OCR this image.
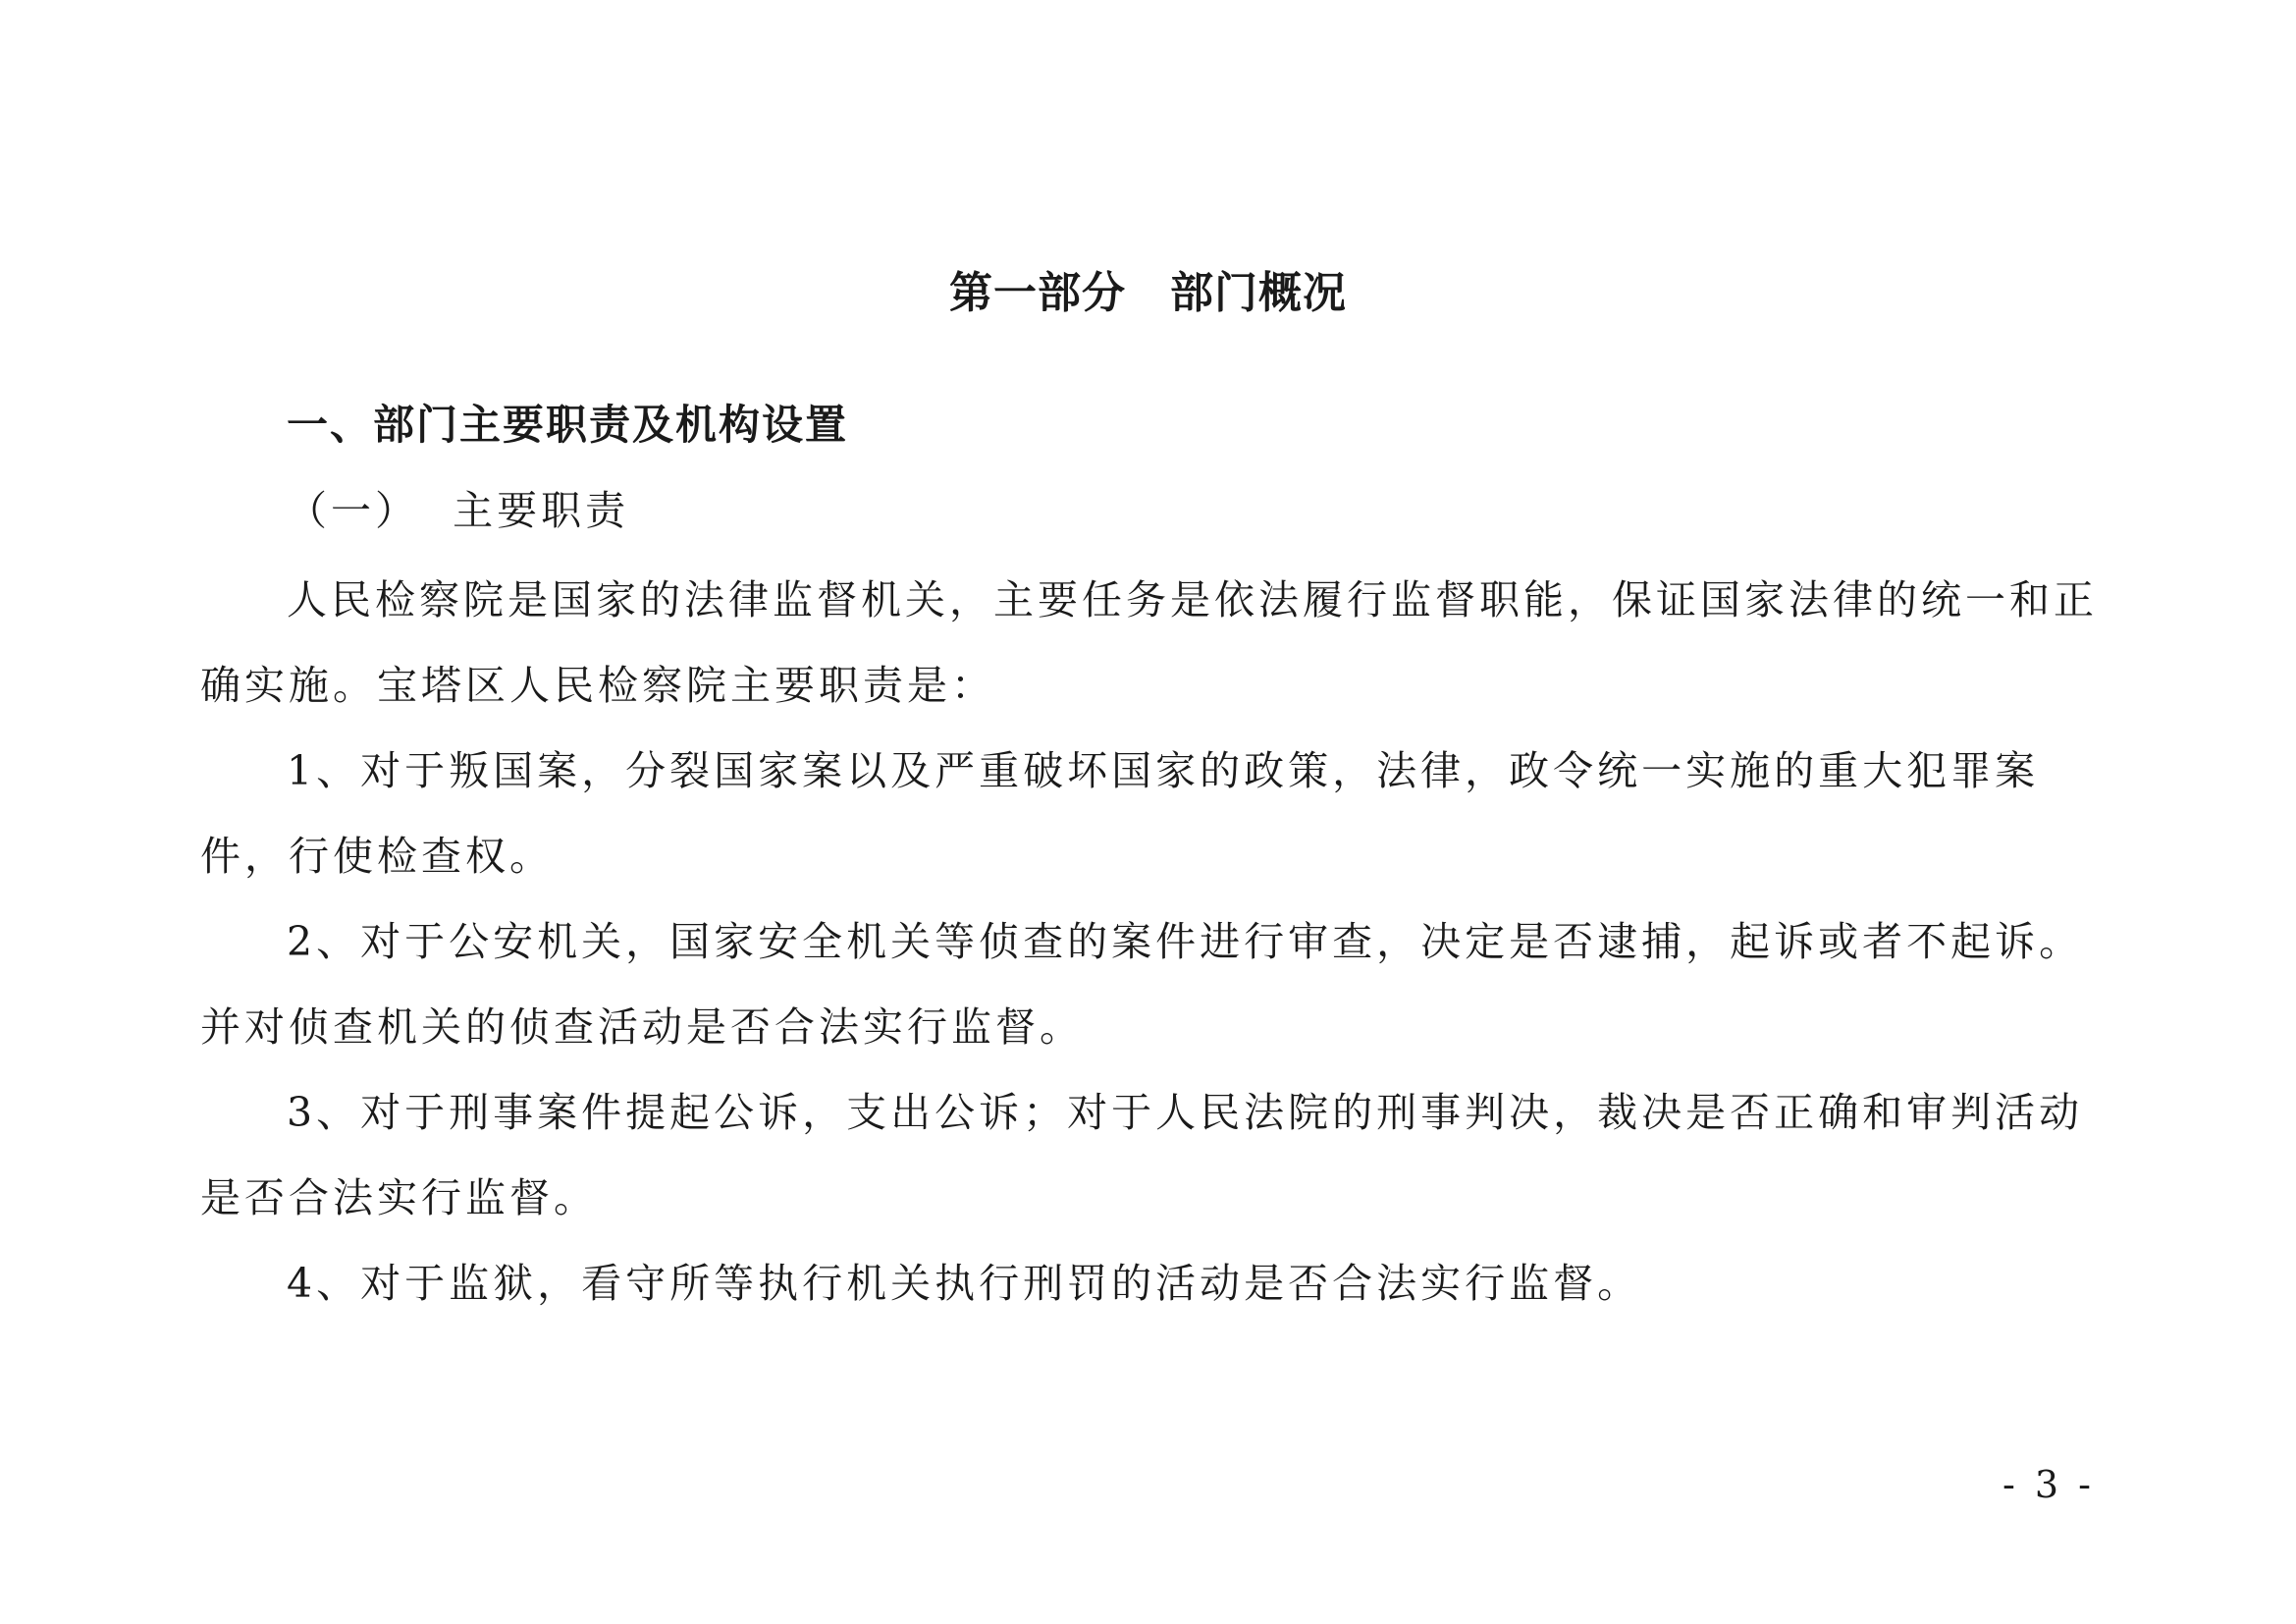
第一部分　部门概况
一、部门主要职责及机构设置
（一）  主要职责

人民检察院是国家的法律监督机关，主要任务是依法履行监督职能，保证国家法律的统一和正确实施。宝塔区人民检察院主要职责是：

1、对于叛国案，分裂国家案以及严重破坏国家的政策，法律，政令统一实施的重大犯罪案件，行使检查权。

2、对于公安机关，国家安全机关等侦查的案件进行审查，决定是否逮捕，起诉或者不起诉。并对侦查机关的侦查活动是否合法实行监督。

3、对于刑事案件提起公诉，支出公诉；对于人民法院的刑事判决，裁决是否正确和审判活动是否合法实行监督。

4、对于监狱，看守所等执行机关执行刑罚的活动是否合法实行监督。

- 3 -
